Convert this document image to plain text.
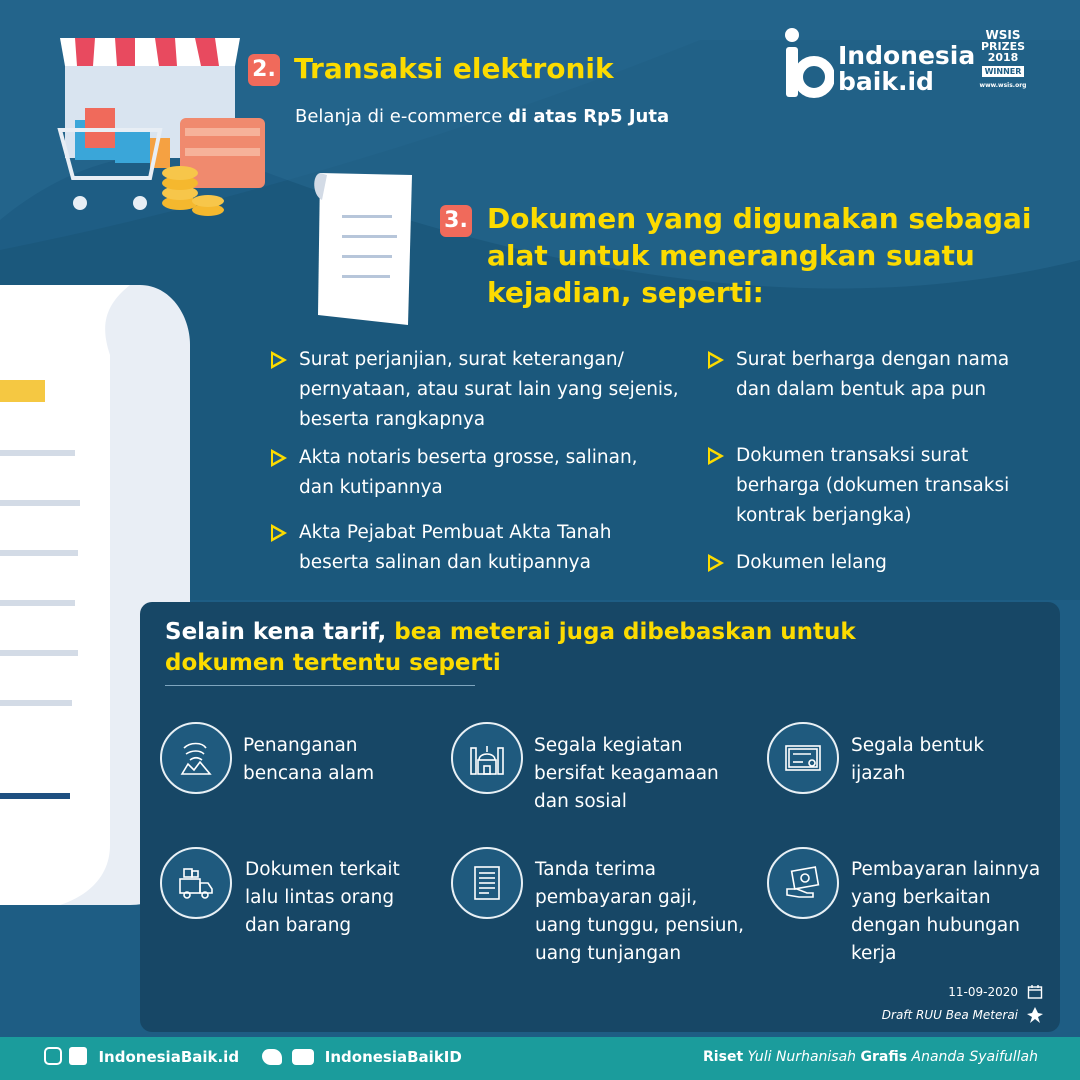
Indonesia
baik.id
WSIS
PRIZES
2018
WINNER
www.wsis.org
2. Transaksi elektronik
Belanja di e-commerce di atas Rp5 Juta
3. Dokumen yang digunakan sebagai
alat untuk menerangkan suatu
kejadian, seperti:
Surat perjanjian, surat keterangan/
pernyataan, atau surat lain yang sejenis,
beserta rangkapnya
Akta notaris beserta grosse, salinan,
dan kutipannya
Akta Pejabat Pembuat Akta Tanah
beserta salinan dan kutipannya
Surat berharga dengan nama
dan dalam bentuk apa pun
Dokumen transaksi surat
berharga (dokumen transaksi
kontrak berjangka)
Dokumen lelang
Selain kena tarif, bea meterai juga dibebaskan untuk
dokumen tertentu seperti
Penanganan
bencana alam
Segala kegiatan
bersifat keagamaan
dan sosial
Segala bentuk
ijazah
Dokumen terkait
lalu lintas orang
dan barang
Tanda terima
pembayaran gaji,
uang tunggu, pensiun,
uang tunjangan
Pembayaran lainnya
yang berkaitan
dengan hubungan
kerja
11-09-2020
Draft RUU Bea Meterai
IndonesiaBaik.id	IndonesiaBaikID	Riset Yuli Nurhanisah Grafis Ananda Syaifullah
